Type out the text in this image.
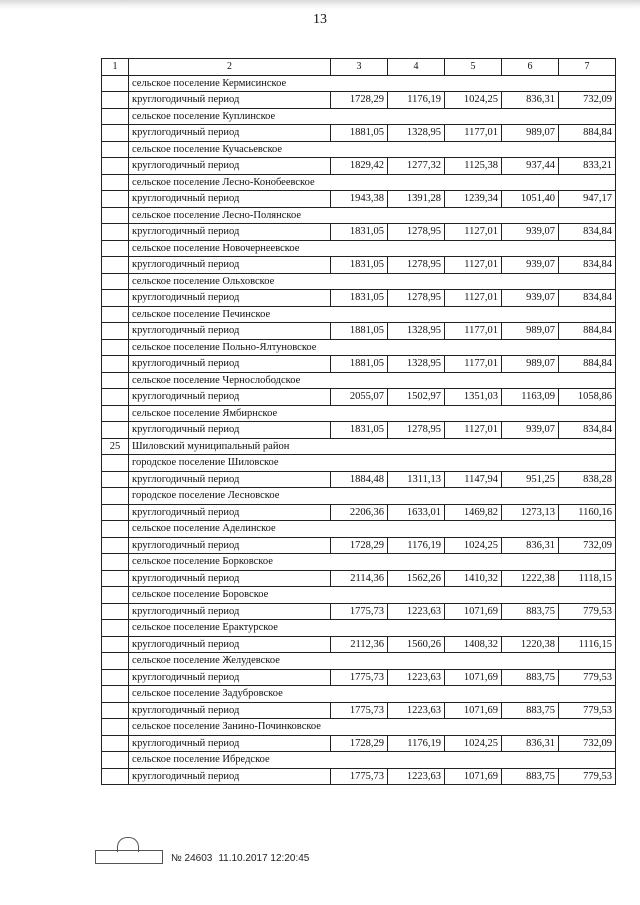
13
1	2	3	4	5	6	7
	сельское поселение Кермисинское					
	круглогодичный период	1728,29	1176,19	1024,25	836,31	732,09
	сельское поселение Куплинское					
	круглогодичный период	1881,05	1328,95	1177,01	989,07	884,84
	сельское поселение Кучасьевское					
	круглогодичный период	1829,42	1277,32	1125,38	937,44	833,21
	сельское поселение Лесно-Конобеевское					
	круглогодичный период	1943,38	1391,28	1239,34	1051,40	947,17
	сельское поселение Лесно-Полянское					
	круглогодичный период	1831,05	1278,95	1127,01	939,07	834,84
	сельское поселение Новочернеевское					
	круглогодичный период	1831,05	1278,95	1127,01	939,07	834,84
	сельское поселение Ольховское					
	круглогодичный период	1831,05	1278,95	1127,01	939,07	834,84
	сельское поселение Печинское					
	круглогодичный период	1881,05	1328,95	1177,01	989,07	884,84
	сельское поселение Польно-Ялтуновское					
	круглогодичный период	1881,05	1328,95	1177,01	989,07	884,84
	сельское поселение Чернослободское					
	круглогодичный период	2055,07	1502,97	1351,03	1163,09	1058,86
	сельское поселение Ямбирнское					
	круглогодичный период	1831,05	1278,95	1127,01	939,07	834,84
25	Шиловский муниципальный район					
	городское поселение Шиловское					
	круглогодичный период	1884,48	1311,13	1147,94	951,25	838,28
	городское поселение Лесновское					
	круглогодичный период	2206,36	1633,01	1469,82	1273,13	1160,16
	сельское поселение Аделинское					
	круглогодичный период	1728,29	1176,19	1024,25	836,31	732,09
	сельское поселение Борковское					
	круглогодичный период	2114,36	1562,26	1410,32	1222,38	1118,15
	сельское поселение Боровское					
	круглогодичный период	1775,73	1223,63	1071,69	883,75	779,53
	сельское поселение Ерактурское					
	круглогодичный период	2112,36	1560,26	1408,32	1220,38	1116,15
	сельское поселение Желудевское					
	круглогодичный период	1775,73	1223,63	1071,69	883,75	779,53
	сельское поселение Задубровское					
	круглогодичный период	1775,73	1223,63	1071,69	883,75	779,53
	сельское поселение Занино-Починковское					
	круглогодичный период	1728,29	1176,19	1024,25	836,31	732,09
	сельское поселение Ибредское					
	круглогодичный период	1775,73	1223,63	1071,69	883,75	779,53
№ 24603 11.10.2017 12:20:45
